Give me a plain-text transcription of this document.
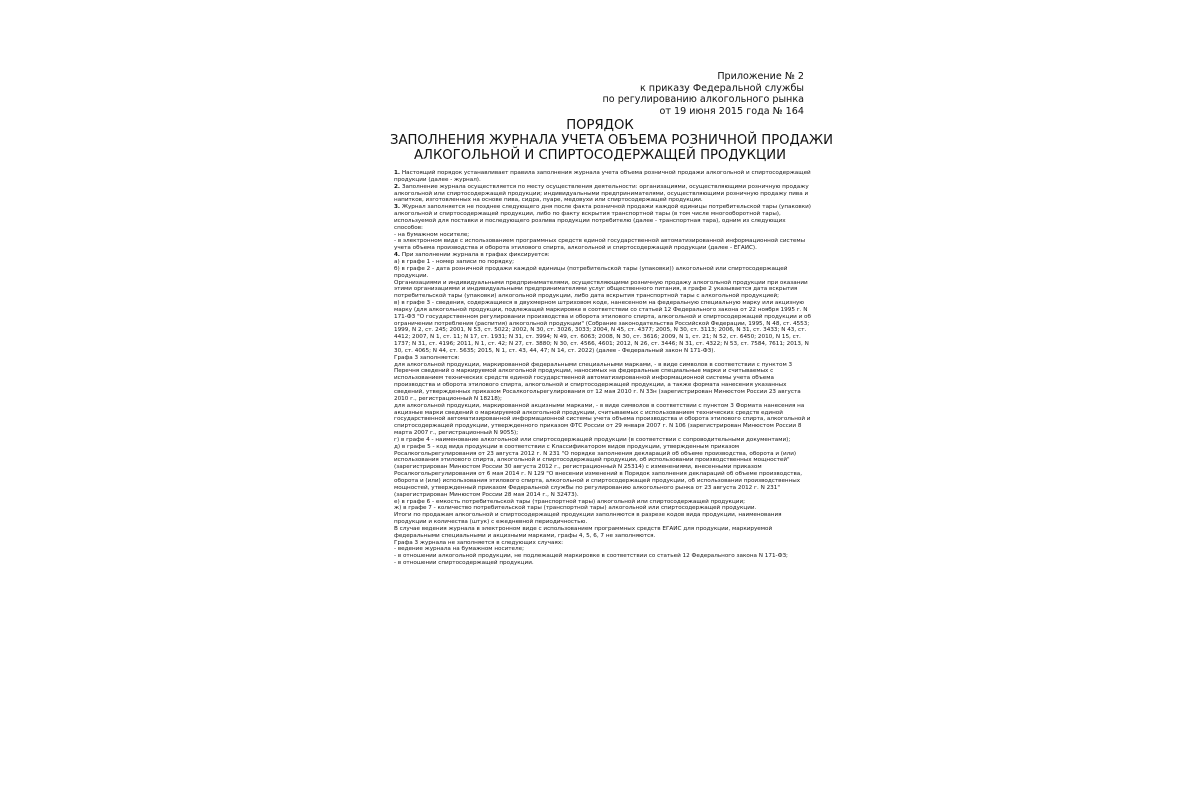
Приложение № 2
к приказу Федеральной службы
по регулированию алкогольного рынка
от 19 июня 2015 года № 164
ПОРЯДОК
ЗАПОЛНЕНИЯ ЖУРНАЛА УЧЕТА ОБЪЕМА РОЗНИЧНОЙ ПРОДАЖИ
АЛКОГОЛЬНОЙ И СПИРТОСОДЕРЖАЩЕЙ ПРОДУКЦИИ

1. Настоящий порядок устанавливает правила заполнения журнала учета объема розничной продажи алкогольной и спиртосодержащей продукции (далее - журнал).

2. Заполнение журнала осуществляется по месту осуществления деятельности: организациями, осуществляющими розничную продажу алкогольной или спиртосодержащей продукции; индивидуальными предпринимателями, осуществляющими розничную продажу пива и напитков, изготовленных на основе пива, сидра, пуаре, медовухи или спиртосодержащей продукции.

3. Журнал заполняется не позднее следующего дня после факта розничной продажи каждой единицы потребительской тары (упаковки) алкогольной и спиртосодержащей продукции, либо по факту вскрытия транспортной тары (в том числе многооборотной тары), используемой для поставки и последующего розлива продукции потребителю (далее - транспортная тара), одним из следующих способов:

- на бумажном носителе;

- в электронном виде с использованием программных средств единой государственной автоматизированной информационной системы учета объема производства и оборота этилового спирта, алкогольной и спиртосодержащей продукции (далее - ЕГАИС).

4. При заполнении журнала в графах фиксируется:

а) в графе 1 - номер записи по порядку;

б) в графе 2 - дата розничной продажи каждой единицы (потребительской тары (упаковки)) алкогольной или спиртосодержащей продукции.

Организациями и индивидуальными предпринимателями, осуществляющими розничную продажу алкогольной продукции при оказании этими организациями и индивидуальными предпринимателями услуг общественного питания, в графе 2 указывается дата вскрытия потребительской тары (упаковки) алкогольной продукции, либо дата вскрытия транспортной тары с алкогольной продукцией;

в) в графе 3 - сведения, содержащиеся в двухмерном штриховом коде, нанесенном на федеральную специальную марку или акцизную марку (для алкогольной продукции, подлежащей маркировке в соответствии со статьей 12 Федерального закона от 22 ноября 1995 г. N 171-ФЗ "О государственном регулировании производства и оборота этилового спирта, алкогольной и спиртосодержащей продукции и об ограничении потребления (распития) алкогольной продукции" (Собрание законодательства Российской Федерации, 1995, N 48, ст. 4553; 1999, N 2, ст. 245; 2001, N 53, ст. 5022; 2002, N 30, ст. 3026, 3033; 2004, N 45, ст. 4377; 2005, N 30, ст. 3113; 2006, N 31, ст. 3433; N 43, ст. 4412; 2007, N 1, ст. 11; N 17, ст. 1931; N 31, ст. 3994; N 49, ст. 6063; 2008, N 30, ст. 3616; 2009, N 1, ст. 21; N 52, ст. 6450; 2010, N 15, ст. 1737; N 31, ст. 4196; 2011, N 1, ст. 42; N 27, ст. 3880; N 30, ст. 4566, 4601; 2012, N 26, ст. 3446; N 31, ст. 4322; N 53, ст. 7584, 7611; 2013, N 30, ст. 4065; N 44, ст. 5635; 2015, N 1, ст. 43, 44, 47; N 14, ст. 2022) (далее - Федеральный закон N 171-ФЗ).

Графа 3 заполняется:

для алкогольной продукции, маркированной федеральными специальными марками, - в виде символов в соответствии с пунктом 3 Перечня сведений о маркируемой алкогольной продукции, наносимых на федеральные специальные марки и считываемых с использованием технических средств единой государственной автоматизированной информационной системы учета объема производства и оборота этилового спирта, алкогольной и спиртосодержащей продукции, а также формата нанесения указанных сведений, утвержденных приказом Росалкогольрегулирования от 12 мая 2010 г. N 33н (зарегистрирован Минюстом России 23 августа 2010 г., регистрационный N 18218);

для алкогольной продукции, маркированной акцизными марками, - в виде символов в соответствии с пунктом 3 Формата нанесения на акцизные марки сведений о маркируемой алкогольной продукции, считываемых с использованием технических средств единой государственной автоматизированной информационной системы учета объема производства и оборота этилового спирта, алкогольной и спиртосодержащей продукции, утвержденного приказом ФТС России от 29 января 2007 г. N 106 (зарегистрирован Минюстом России 8 марта 2007 г., регистрационный N 9055);

г) в графе 4 - наименование алкогольной или спиртосодержащей продукции (в соответствии с сопроводительными документами);

д) в графе 5 - код вида продукции в соответствии с Классификатором видов продукции, утвержденным приказом Росалкогольрегулирования от 23 августа 2012 г. N 231 "О порядке заполнения деклараций об объеме производства, оборота и (или) использования этилового спирта, алкогольной и спиртосодержащей продукции, об использовании производственных мощностей" (зарегистрирован Минюстом России 30 августа 2012 г., регистрационный N 25314) с изменениями, внесенными приказом Росалкогольрегулирования от 6 мая 2014 г. N 129 "О внесении изменений в Порядок заполнения деклараций об объеме производства, оборота и (или) использования этилового спирта, алкогольной и спиртосодержащей продукции, об использовании производственных мощностей, утвержденный приказом Федеральной службы по регулированию алкогольного рынка от 23 августа 2012 г. N 231" (зарегистрирован Минюстом России 28 мая 2014 г., N 32473).

е) в графе 6 - емкость потребительской тары (транспортной тары) алкогольной или спиртосодержащей продукции;

ж) в графе 7 - количество потребительской тары (транспортной тары) алкогольной или спиртосодержащей продукции.

Итоги по продажам алкогольной и спиртосодержащей продукции заполняются в разрезе кодов вида продукции, наименования продукции и количества (штук) с ежедневной периодичностью.

В случае ведения журнала в электронном виде с использованием программных средств ЕГАИС для продукции, маркируемой федеральными специальными и акцизными марками, графы 4, 5, 6, 7 не заполняются.

Графа 3 журнала не заполняется в следующих случаях:

- ведение журнала на бумажном носителе;

- в отношении алкогольной продукции, не подлежащей маркировке в соответствии со статьей 12 Федерального закона N 171-ФЗ;

- в отношении спиртосодержащей продукции.
